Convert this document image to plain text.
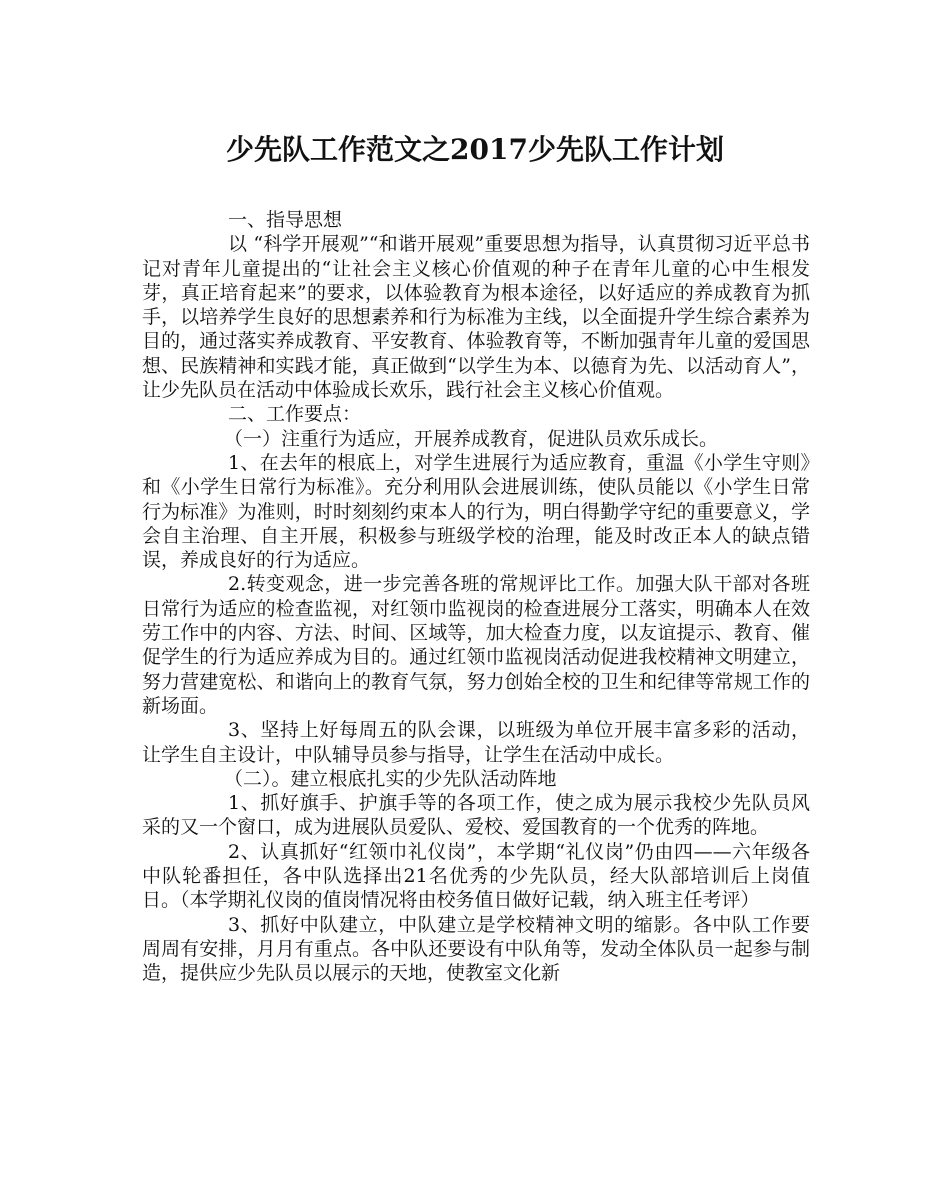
少先队工作范文之2017少先队工作计划

一、指导思想

以 “科学开展观”“和谐开展观”重要思想为指导，认真贯彻习近平总书记对青年儿童提出的“让社会主义核心价值观的种子在青年儿童的心中生根发芽，真正培育起来”的要求，以体验教育为根本途径，以好适应的养成教育为抓手，以培养学生良好的思想素养和行为标准为主线，以全面提升学生综合素养为目的，通过落实养成教育、平安教育、体验教育等，不断加强青年儿童的爱国思想、民族精神和实践才能，真正做到“以学生为本、以德育为先、以活动育人”，让少先队员在活动中体验成长欢乐，践行社会主义核心价值观。

二、工作要点：

（一）注重行为适应，开展养成教育，促进队员欢乐成长。

1、在去年的根底上，对学生进展行为适应教育，重温《小学生守则》和《小学生日常行为标准》。充分利用队会进展训练，使队员能以《小学生日常行为标准》为准则，时时刻刻约束本人的行为，明白得勤学守纪的重要意义，学会自主治理、自主开展，积极参与班级学校的治理，能及时改正本人的缺点错误，养成良好的行为适应。

2.转变观念，进一步完善各班的常规评比工作。加强大队干部对各班日常行为适应的检查监视，对红领巾监视岗的检查进展分工落实，明确本人在效劳工作中的内容、方法、时间、区域等，加大检查力度，以友谊提示、教育、催促学生的行为适应养成为目的。通过红领巾监视岗活动促进我校精神文明建立，努力营建宽松、和谐向上的教育气氛，努力创始全校的卫生和纪律等常规工作的新场面。

3、坚持上好每周五的队会课，以班级为单位开展丰富多彩的活动，让学生自主设计，中队辅导员参与指导，让学生在活动中成长。

（二）。建立根底扎实的少先队活动阵地

1、抓好旗手、护旗手等的各项工作，使之成为展示我校少先队员风采的又一个窗口，成为进展队员爱队、爱校、爱国教育的一个优秀的阵地。

2、认真抓好“红领巾礼仪岗”，本学期“礼仪岗”仍由四——六年级各中队轮番担任，各中队选择出21名优秀的少先队员，经大队部培训后上岗值日。（本学期礼仪岗的值岗情况将由校务值日做好记载，纳入班主任考评）

3、抓好中队建立，中队建立是学校精神文明的缩影。各中队工作要周周有安排，月月有重点。各中队还要设有中队角等，发动全体队员一起参与制造，提供应少先队员以展示的天地，使教室文化新
